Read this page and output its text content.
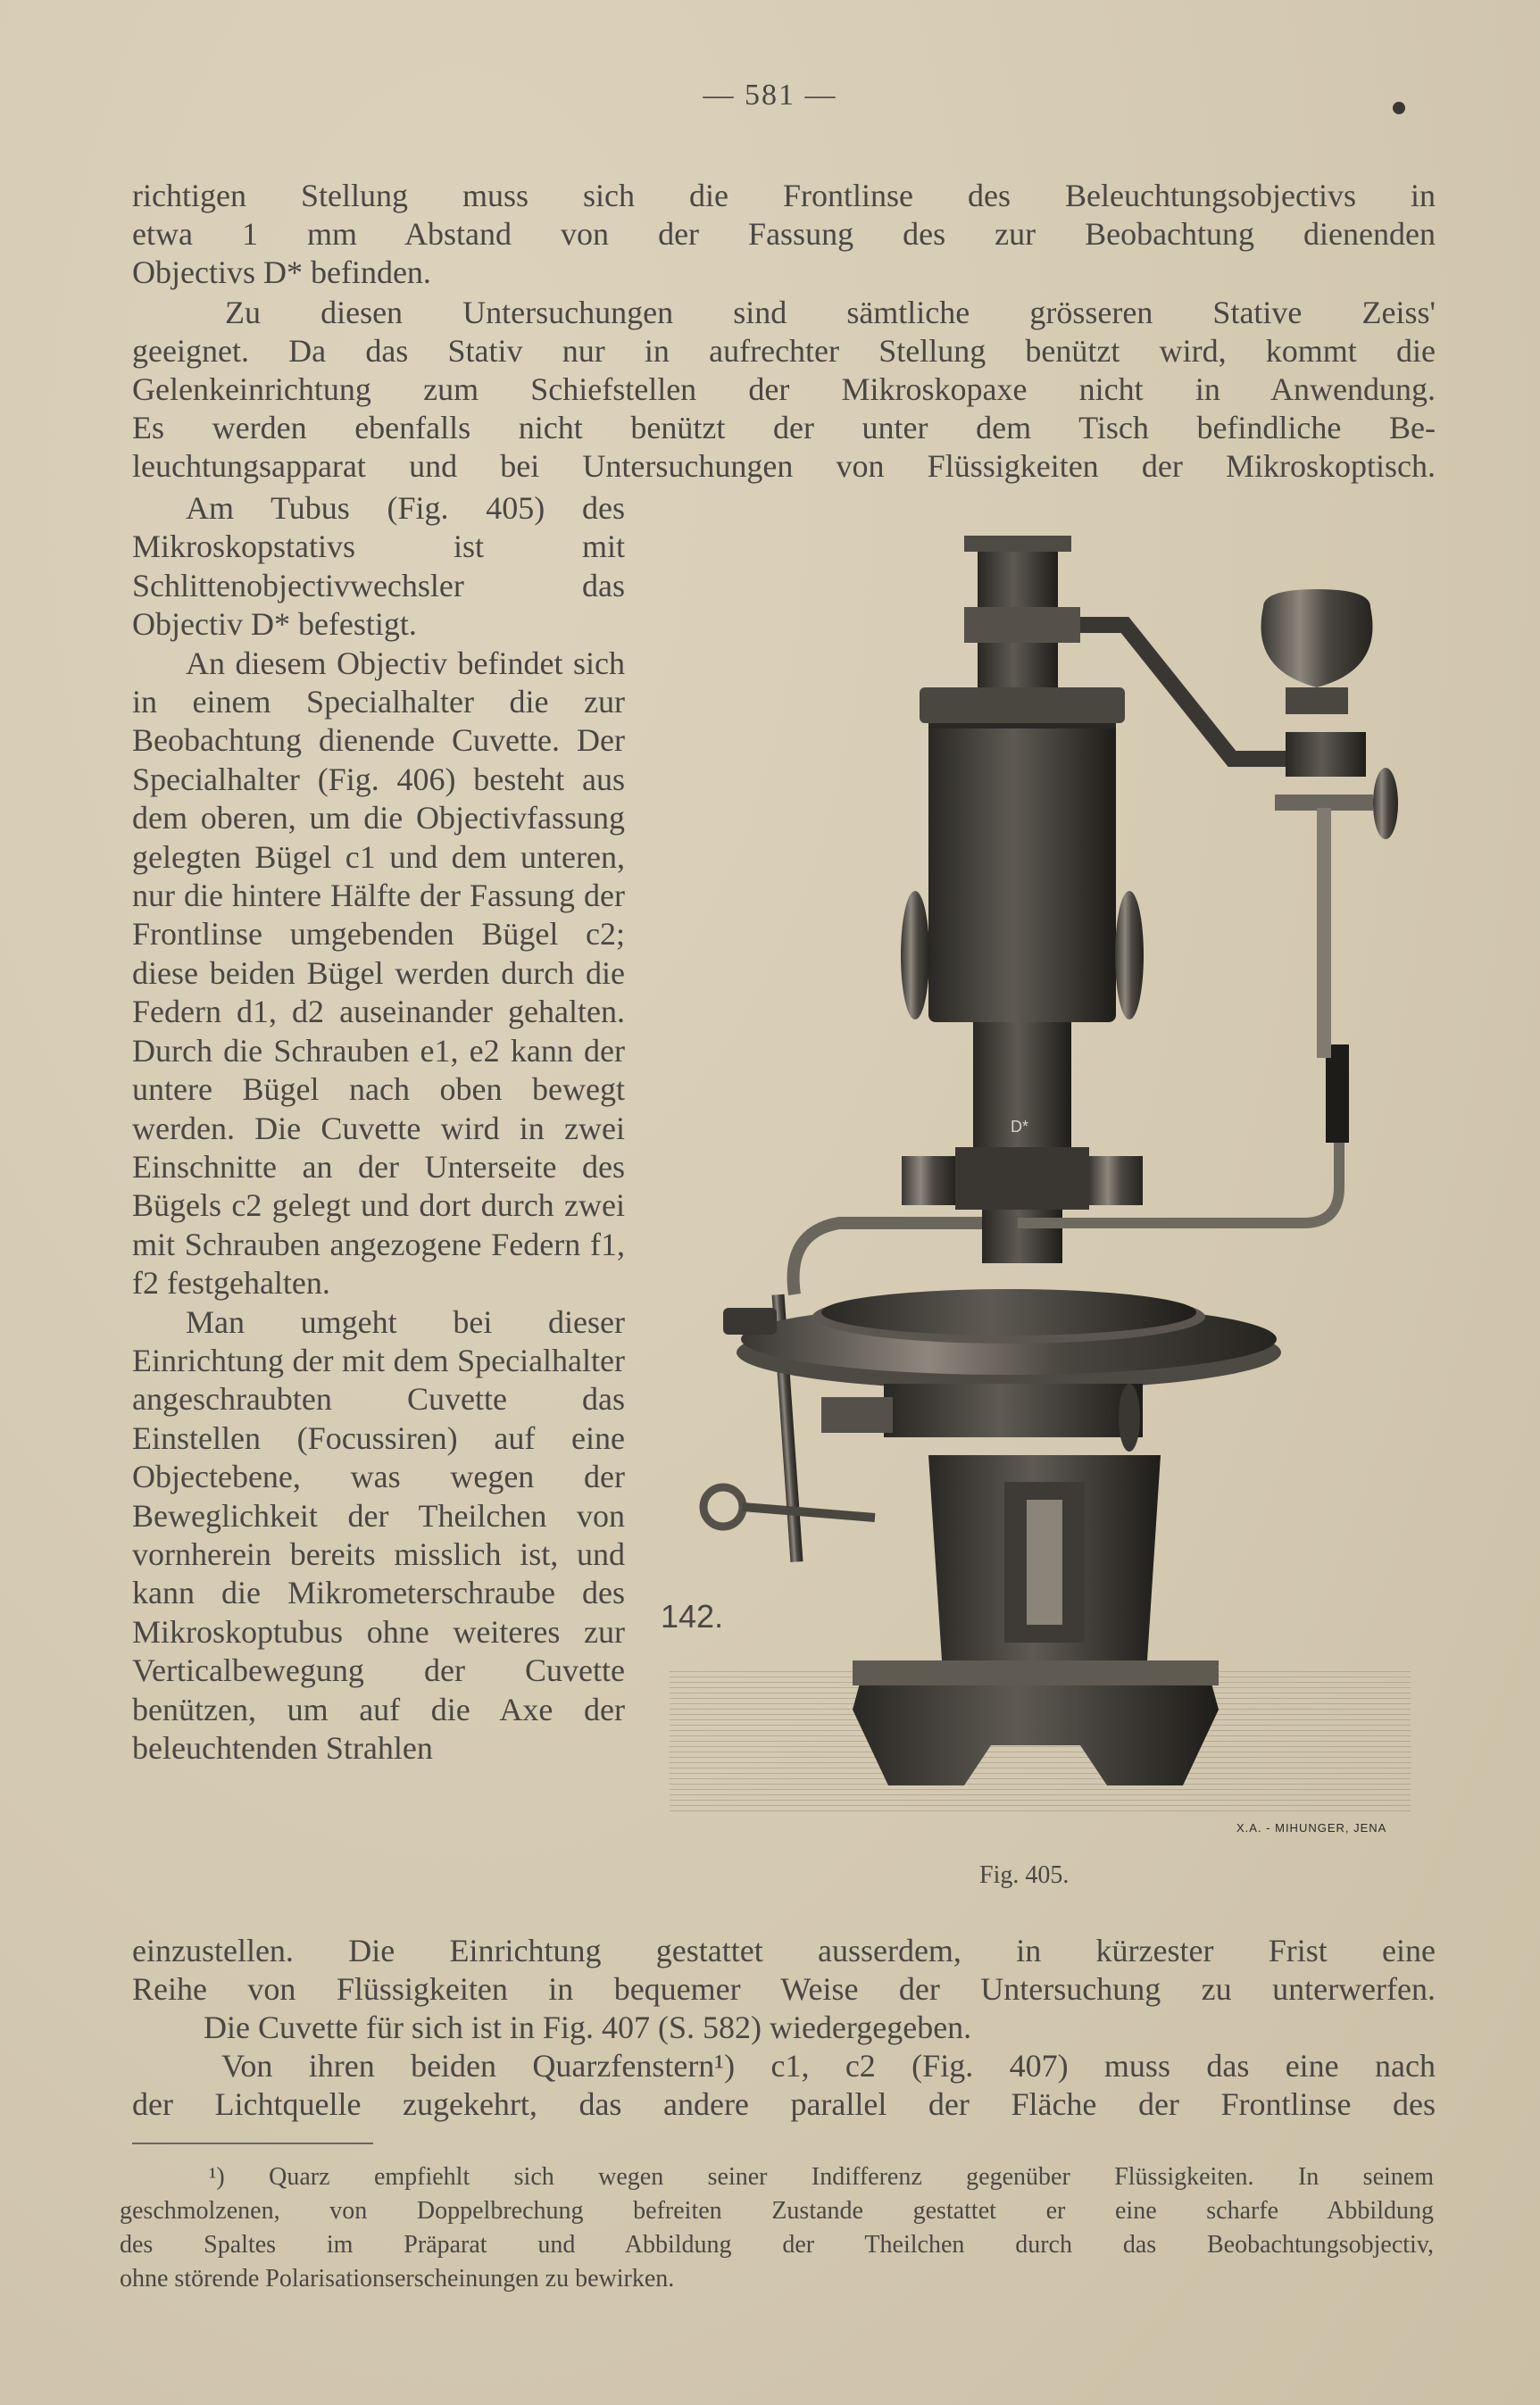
— 581 —

richtigen Stellung muss sich die Frontlinse des Beleuchtungsobjectivs in

etwa 1 mm Abstand von der Fassung des zur Beobachtung dienenden

Objectivs D* befinden.

Zu diesen Untersuchungen sind sämtliche grösseren Stative Zeiss'

geeignet. Da das Stativ nur in aufrechter Stellung benützt wird, kommt die

Gelenkeinrichtung zum Schiefstellen der Mikroskopaxe nicht in Anwendung.

Es werden ebenfalls nicht benützt der unter dem Tisch befindliche Be-

leuchtungsapparat und bei Untersuchungen von Flüssigkeiten der Mikroskoptisch.

Am Tubus (Fig. 405) des Mikroskopstativs ist mit Schlittenobjectivwechsler das Objectiv D* befestigt.

An diesem Objectiv befindet sich in einem Specialhalter die zur Beobachtung dienende Cuvette. Der Specialhalter (Fig. 406) besteht aus dem oberen, um die Objectivfassung gelegten Bügel c1 und dem unteren, nur die hintere Hälfte der Fassung der Frontlinse umgebenden Bügel c2; diese beiden Bügel werden durch die Federn d1, d2 auseinander gehalten. Durch die Schrauben e1, e2 kann der untere Bügel nach oben bewegt werden. Die Cuvette wird in zwei Einschnitte an der Unterseite des Bügels c2 gelegt und dort durch zwei mit Schrauben angezogene Federn f1, f2 festgehalten.

Man umgeht bei dieser Einrichtung der mit dem Specialhalter angeschraubten Cuvette das Einstellen (Focussiren) auf eine Objectebene, was wegen der Beweglichkeit der Theilchen von vornherein bereits misslich ist, und kann die Mikrometerschraube des Mikroskoptubus ohne weiteres zur Verticalbewegung der Cuvette benützen, um auf die Axe der beleuchtenden Strahlen

D*
142.
X.A. - MIHUNGER, JENA
Fig. 405.

einzustellen. Die Einrichtung gestattet ausserdem, in kürzester Frist eine

Reihe von Flüssigkeiten in bequemer Weise der Untersuchung zu unterwerfen.

Die Cuvette für sich ist in Fig. 407 (S. 582) wiedergegeben.

Von ihren beiden Quarzfenstern¹) c1, c2 (Fig. 407) muss das eine nach

der Lichtquelle zugekehrt, das andere parallel der Fläche der Frontlinse des

¹) Quarz empfiehlt sich wegen seiner Indifferenz gegenüber Flüssigkeiten. In seinem
geschmolzenen, von Doppelbrechung befreiten Zustande gestattet er eine scharfe Abbildung
des Spaltes im Präparat und Abbildung der Theilchen durch das Beobachtungsobjectiv,
ohne störende Polarisationserscheinungen zu bewirken.
